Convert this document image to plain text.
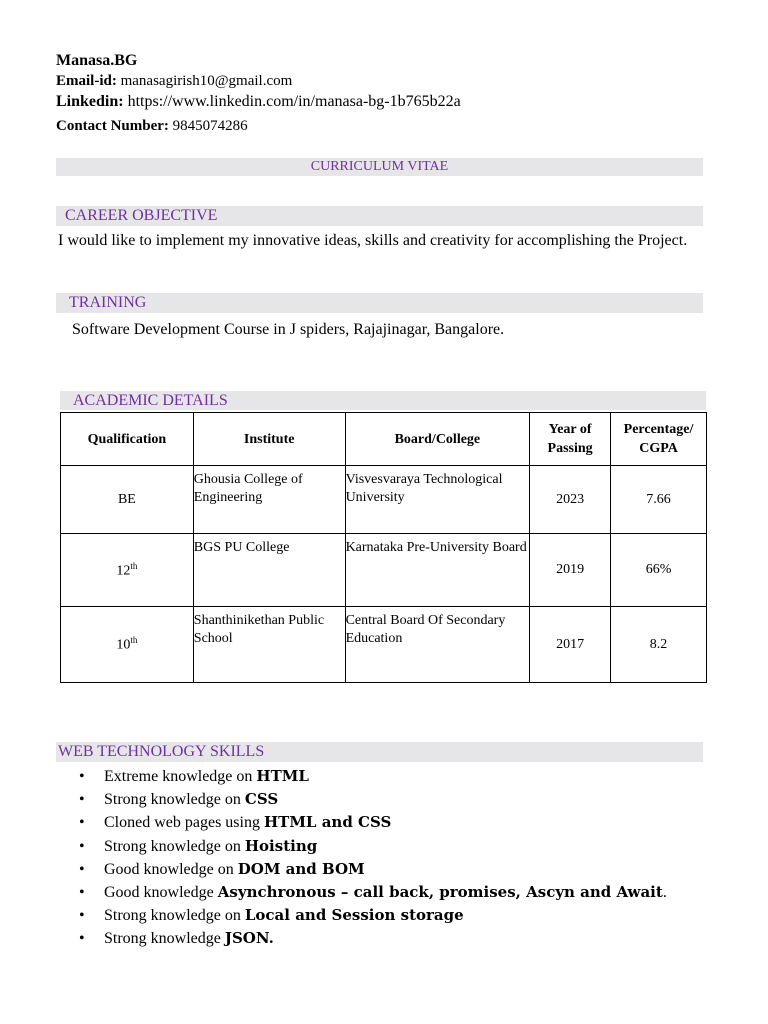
Manasa.BG
Email-id: manasagirish10@gmail.com
Linkedin: https://www.linkedin.com/in/manasa-bg-1b765b22a
Contact Number: 9845074286
CURRICULUM VITAE
CAREER OBJECTIVE
I would like to implement my innovative ideas, skills and creativity for accomplishing the Project.
TRAINING
Software Development Course in J spiders, Rajajinagar, Bangalore.
ACADEMIC DETAILS
Qualification	Institute	Board/College	Year of Passing	Percentage/ CGPA
BE	Ghousia College of Engineering	Visvesvaraya Technological University	2023	7.66
12th	BGS PU College	Karnataka Pre-University Board	2019	66%
10th	Shanthinikethan Public School	Central Board Of Secondary Education	2017	8.2
WEB TECHNOLOGY SKILLS
• Extreme knowledge on HTML
• Strong knowledge on CSS
• Cloned web pages using HTML and CSS
• Strong knowledge on Hoisting
• Good knowledge on DOM and BOM
• Good knowledge Asynchronous – call back, promises, Ascyn and Await.
• Strong knowledge on Local and Session storage
• Strong knowledge JSON.
